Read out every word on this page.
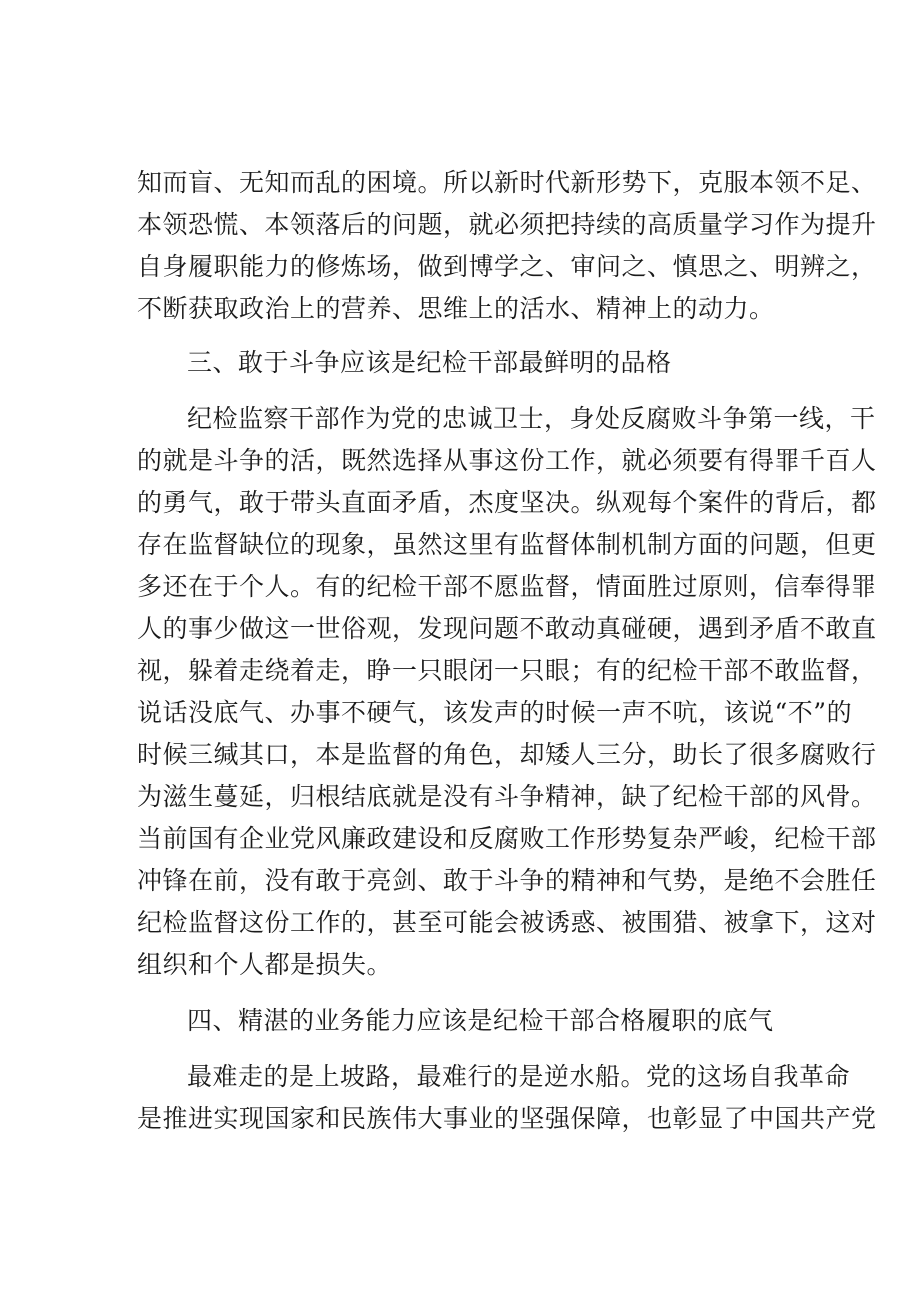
知而盲、无知而乱的困境。所以新时代新形势下，克服本领不足、
本领恐慌、本领落后的问题，就必须把持续的高质量学习作为提升
自身履职能力的修炼场，做到博学之、审问之、慎思之、明辨之，
不断获取政治上的营养、思维上的活水、精神上的动力。
三、敢于斗争应该是纪检干部最鲜明的品格
纪检监察干部作为党的忠诚卫士，身处反腐败斗争第一线，干
的就是斗争的活，既然选择从事这份工作，就必须要有得罪千百人
的勇气，敢于带头直面矛盾，杰度坚决。纵观每个案件的背后，都
存在监督缺位的现象，虽然这里有监督体制机制方面的问题，但更
多还在于个人。有的纪检干部不愿监督，情面胜过原则，信奉得罪
人的事少做这一世俗观，发现问题不敢动真碰硬，遇到矛盾不敢直
视，躲着走绕着走，睁一只眼闭一只眼；有的纪检干部不敢监督，
说话没底气、办事不硬气，该发声的时候一声不吭，该说“不”的
时候三缄其口，本是监督的角色，却矮人三分，助长了很多腐败行
为滋生蔓延，归根结底就是没有斗争精神，缺了纪检干部的风骨。
当前国有企业党风廉政建设和反腐败工作形势复杂严峻，纪检干部
冲锋在前，没有敢于亮剑、敢于斗争的精神和气势，是绝不会胜任
纪检监督这份工作的，甚至可能会被诱惑、被围猎、被拿下，这对
组织和个人都是损失。
四、精湛的业务能力应该是纪检干部合格履职的底气
最难走的是上坡路，最难行的是逆水船。党的这场自我革命
是推进实现国家和民族伟大事业的坚强保障，也彰显了中国共产党
